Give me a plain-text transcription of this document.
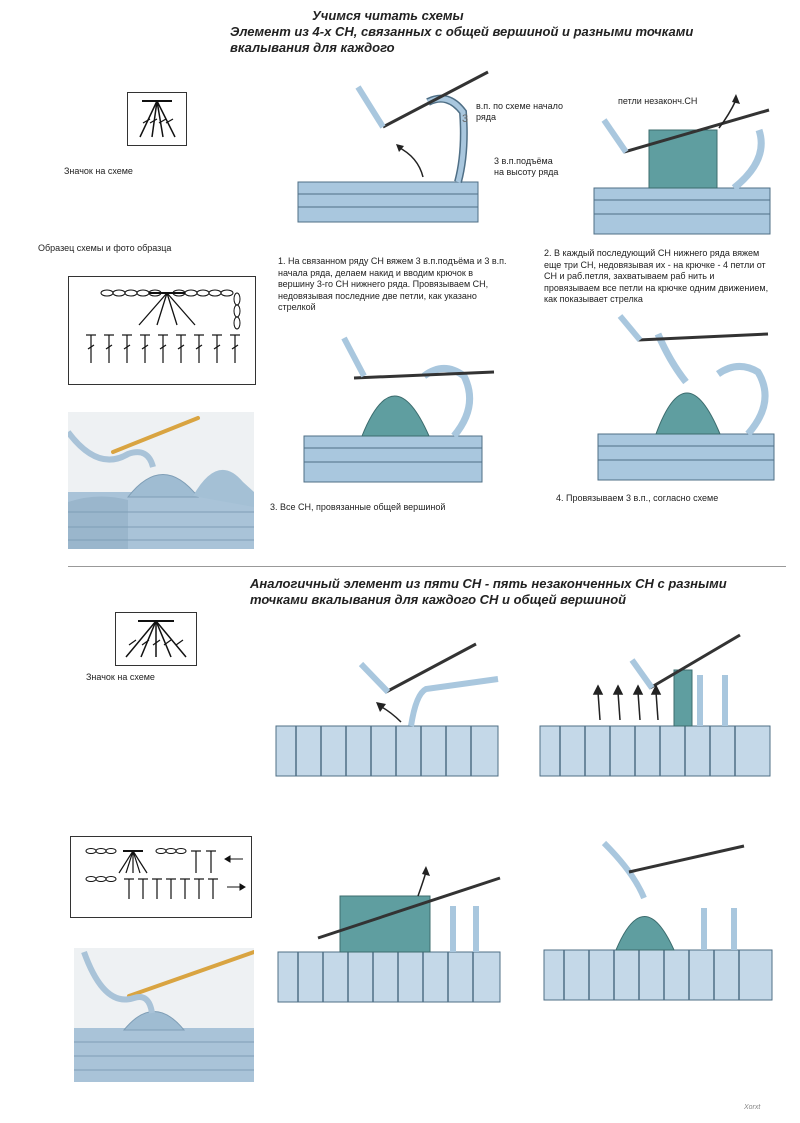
Учимся читать схемы
Элемент из 4-х СН, связанных с общей вершиной и разными точками
вкалывания для каждого
Значок на схеме
Образец схемы и фото образца
в.п. по схеме начало ряда
3
3 в.п.подъёма на высоту ряда
1. На связанном ряду СН вяжем 3 в.п.подъёма и 3 в.п. начала ряда, делаем накид и вводим крючок в вершину 3-го СН нижнего ряда. Провязываем СН, недовязывая последние две петли, как указано стрелкой
петли незаконч.СН
2. В каждый последующий СН нижнего ряда вяжем еще три СН, недовязывая их - на крючке - 4 петли от СН и раб.петля, захватываем раб нить и провязываем все петли на крючке одним движением, как показывает стрелка
3. Все СН, провязанные общей вершиной
4. Провязываем 3 в.п., согласно схеме
Аналогичный элемент из пяти СН - пять незаконченных СН с разными
точками вкалывания для каждого СН и общей вершиной
Значок на схеме
Xorxt
